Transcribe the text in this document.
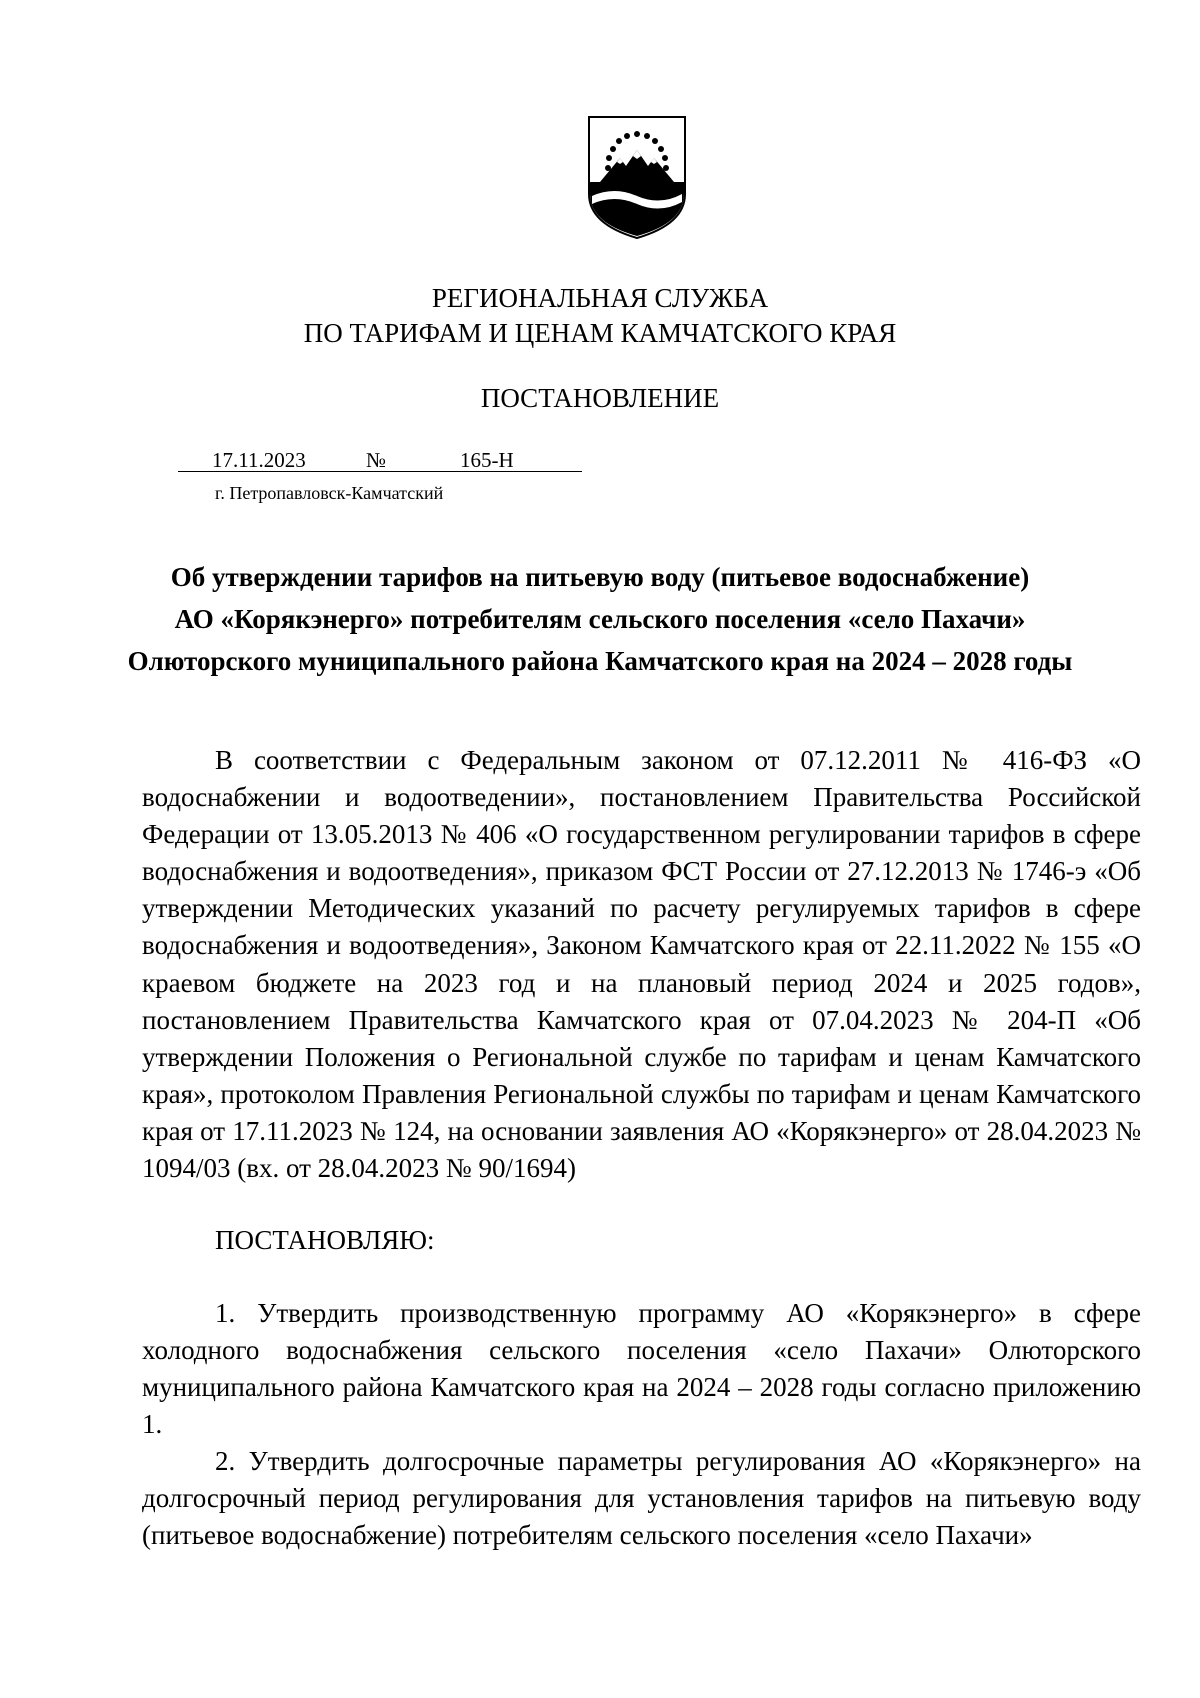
РЕГИОНАЛЬНАЯ СЛУЖБА
ПО ТАРИФАМ И ЦЕНАМ КАМЧАТСКОГО КРАЯ
ПОСТАНОВЛЕНИЕ
17.11.2023	№	165-Н
г. Петропавловск-Камчатский
Об утверждении тарифов на питьевую воду (питьевое водоснабжение)
АО «Корякэнерго» потребителям сельского поселения «село Пахачи»
Олюторского муниципального района Камчатского края на 2024 – 2028 годы

В соответствии с Федеральным законом от 07.12.2011 № 416-ФЗ «О водоснабжении и водоотведении», постановлением Правительства Российской Федерации от 13.05.2013 № 406 «О государственном регулировании тарифов в сфере водоснабжения и водоотведения», приказом ФСТ России от 27.12.2013 № 1746-э «Об утверждении Методических указаний по расчету регулируемых тарифов в сфере водоснабжения и водоотведения», Законом Камчатского края от 22.11.2022 № 155 «О краевом бюджете на 2023 год и на плановый период 2024 и 2025 годов», постановлением Правительства Камчатского края от 07.04.2023 № 204-П «Об утверждении Положения о Региональной службе по тарифам и ценам Камчатского края», протоколом Правления Региональной службы по тарифам и ценам Камчатского края от 17.11.2023 № 124, на основании заявления АО «Корякэнерго» от 28.04.2023 № 1094/03 (вх. от 28.04.2023 № 90/1694)

ПОСТАНОВЛЯЮ:

1. Утвердить производственную программу АО «Корякэнерго» в сфере холодного водоснабжения сельского поселения «село Пахачи» Олюторского муниципального района Камчатского края на 2024 – 2028 годы согласно приложению 1.

2. Утвердить долгосрочные параметры регулирования АО «Корякэнерго» на долгосрочный период регулирования для установления тарифов на питьевую воду (питьевое водоснабжение) потребителям сельского поселения «село Пахачи»
